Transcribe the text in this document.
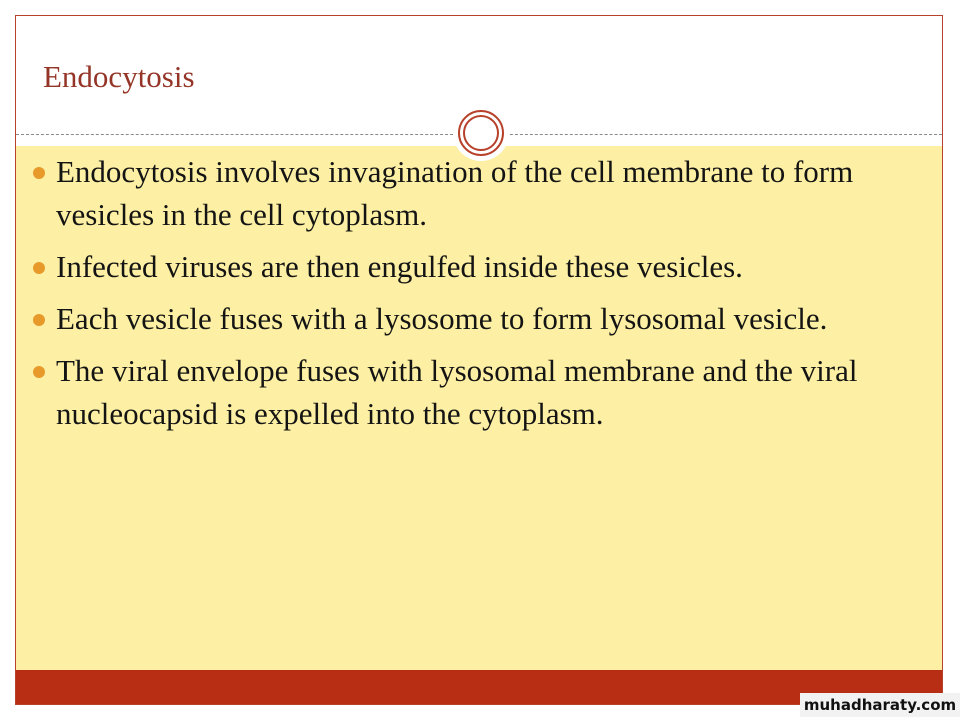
Endocytosis
Endocytosis involves invagination of the cell membrane to form vesicles in the cell cytoplasm.
Infected viruses are then engulfed inside these vesicles.
Each vesicle fuses with a lysosome to form lysosomal vesicle.
The viral envelope fuses with lysosomal membrane and the viral nucleocapsid is expelled into the cytoplasm.
muhadharaty.com
